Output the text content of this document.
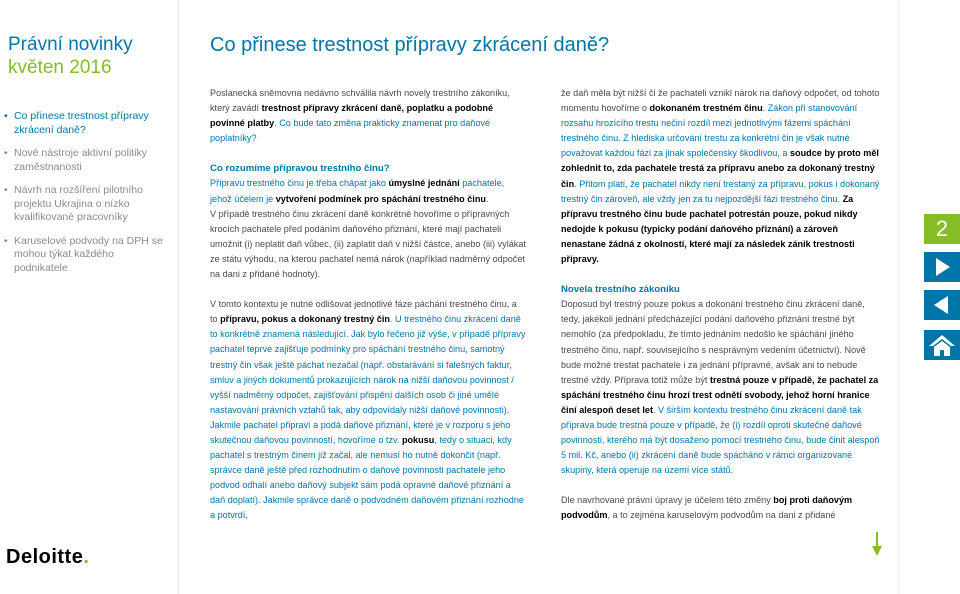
Právní novinky
květen 2016
• Co přinese trestnost přípravy zkrácení daně?
• Nové nástroje aktivní politiky zaměstnanosti
• Návrh na rozšíření pilotního projektu Ukrajina o nízko kvalifikované pracovníky
• Karuselové podvody na DPH se mohou týkat každého podnikatele
Deloitte.
Co přinese trestnost přípravy zkrácení daně?

Poslanecká sněmovna nedávno schválila návrh novely trestního zákoníku, který zavádí trestnost přípravy zkrácení daně, poplatku a podobné povinné platby. Co bude tato změna prakticky znamenat pro daňové poplatníky?

Co rozumíme přípravou trestního činu?

Přípravu trestného činu je třeba chápat jako úmyslné jednání pachatele, jehož účelem je vytvoření podmínek pro spáchání trestného činu.

V případě trestného činu zkrácení daně konkrétně hovoříme o přípravných krocích pachatele před podáním daňového přiznání, které mají pachateli umožnit (i) neplatit daň vůbec, (ii) zaplatit daň v nižší částce, anebo (iii) vylákat ze státu výhodu, na kterou pachatel nemá nárok (například nadměrný odpočet na dani z přidané hodnoty).

V tomto kontextu je nutné odlišovat jednotlivé fáze páchání trestného činu, a to přípravu, pokus a dokonaný trestný čin. U trestného činu zkrácení daně to konkrétně znamená následující. Jak bylo řečeno již výše, v případě přípravy pachatel teprve zajišťuje podmínky pro spáchání trestného činu, samotný trestný čin však ještě páchat nezačal (např. obstarávání si falešných faktur, smluv a jiných dokumentů prokazujících nárok na nižší daňovou povinnost / vyšší nadměrný odpočet, zajišťování přispění dalších osob či jiné umělé nastavování právních vztahů tak, aby odpovídaly nižší daňové povinnosti). Jakmile pachatel připraví a podá daňové přiznání, které je v rozporu s jeho skutečnou daňovou povinností, hovoříme o tzv. pokusu, tedy o situaci, kdy pachatel s trestným činem již začal, ale nemusí ho nutně dokončit (např. správce daně ještě před rozhodnutím o daňové povinnosti pachatele jeho podvod odhalí anebo daňový subjekt sám podá opravné daňové přiznání a daň doplatí). Jakmile správce daně o podvodném daňovém přiznání rozhodne a potvrdí,

že daň měla být nižší či že pachateli vznikl nárok na daňový odpočet, od tohoto momentu hovoříme o dokonaném trestném činu. Zákon při stanovování rozsahu hrozícího trestu nečiní rozdíl mezi jednotlivými fázemi spáchání trestného činu. Z hlediska určování trestu za konkrétní čin je však nutné považovat každou fázi za jinak společensky škodlivou, a soudce by proto měl zohlednit to, zda pachatele trestá za přípravu anebo za dokonaný trestný čin. Přitom platí, že pachatel nikdy není trestaný za přípravu, pokus i dokonaný trestný čin zároveň, ale vždy jen za tu nejpozdější fázi trestného činu. Za přípravu trestného činu bude pachatel potrestán pouze, pokud nikdy nedojde k pokusu (typicky podání daňového přiznání) a zároveň nenastane žádná z okolností, které mají za následek zánik trestnosti přípravy.

Novela trestního zákoníku

Doposud byl trestný pouze pokus a dokonání trestného činu zkrácení daně, tedy, jakékoli jednání předcházející podání daňového přiznání trestné být nemohlo (za předpokladu, že tímto jednáním nedošlo ke spáchání jiného trestného činu, např. souvisejícího s nesprávným vedením účetnictví). Nově bude možné trestat pachatele i za jednání přípravné, avšak ani to nebude trestné vždy. Příprava totiž může být trestná pouze v případě, že pachatel za spáchání trestného činu hrozí trest odnětí svobody, jehož horní hranice činí alespoň deset let. V širším kontextu trestného činu zkrácení daně tak příprava bude trestná pouze v případě, že (i) rozdíl oproti skutečné daňové povinnosti, kterého má být dosaženo pomocí trestného činu, bude činit alespoň 5 mil. Kč, anebo (ii) zkrácení daně bude spácháno v rámci organizované skupiny, která operuje na území více států.

Dle navrhované právní úpravy je účelem této změny boj proti daňovým podvodům, a to zejména karuselovým podvodům na dani z přidané

2
